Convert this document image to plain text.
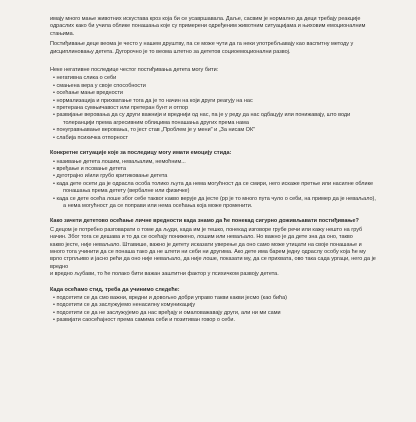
имају много мање животних искустава кроз која би се усавршавала. Даље, сасвим је нормално да деци требају реакције

одраслих како би учила облике понашања које су примерени одређеним животним ситуацијама и њиховим емоционалним

стањима.

Постиђивање деце веома је често у нашем друштву, па се може чути да га неки употребљавају као васпитну методу у

дисциплиновању детета. Дугорочно је то веома штетно за дететов социоемоционални развој.

Неке негативне последице честог постиђивања детета могу бити:

• негативна слика о себи
• смањена вера у своје способности
• осећање мање вредности
• нормализација и прихватање тога да је то начин на који други реагују на нас
• претерана сумњичавост или претеран бунт и отпор
• развијање веровања да су други важнији и вреднији од нас, па је у реду да нас одбацују или понижавају, што води
толеранцији према агресивним облицима понашања других према нама
• понугравњавање веровања, то јест став „Проблем је у мени" и „За нисам ОК"
• слабија психичка отпорност

Конкретне ситуације које за последицу могу имати емоцију стида:

• називање детета лошим, неваљалим, немоћним...
• вређање и псовање детета
• дуготрајно и/или грубо критиковање детета
• када дете осети да је одрасла особа толико љута да нема могућност да се смири, него искаже претње или насилне облике
понашања према детету (вербалне или физичке)
• када се дете осећа лоше због себе таквог какво верује да јесте (рр је то много пута чуло о себи, на пример да је неваљало),
а нема могућност да се поправи или нема осећања која може променити.

Како зачети дететово осећање личне вредности када знамо да ће понекад сигурно доживљавати постиђивање?

С децом је потребно разговарати о томе да људи, када им је тешко, понекад изговоре грубе речи или кажу нешто на груб

начин. Због тога се дешава и то да се осећају понижено, лошим или неваљало. Но важно је да дете зна да оно, такво

какво јесте, није неваљало. Штавише, важно је детету исказати уверење да оно само може утицати на своје понашање и

много тога учинити да се понаша тако да не штети ни себи ни другима. Ако дете има барем једну одраслу особу која ће му

врло стрпљиво и јасно рећи да оно није неваљало, да није лоше, показати му, да се прихвата, ово така сада ургаци, него да је вредно

и вредно љубави, то ће полако бити важан заштитни фактор у психичком развоју детета.

Када осећамо стид, треба да учинимо следеће:

• подсетити се да смо важни, вредни и довољно добри управо такви какви јесмо (као бића)
• подсетити се да заслужујемо ненасилну комуникацију
• подсетити се да не заслужујемо да нас вређају и омаловажавају други, али ни ми сами
• развијати саосећајност према самима себи и позитиван говор о себи.
